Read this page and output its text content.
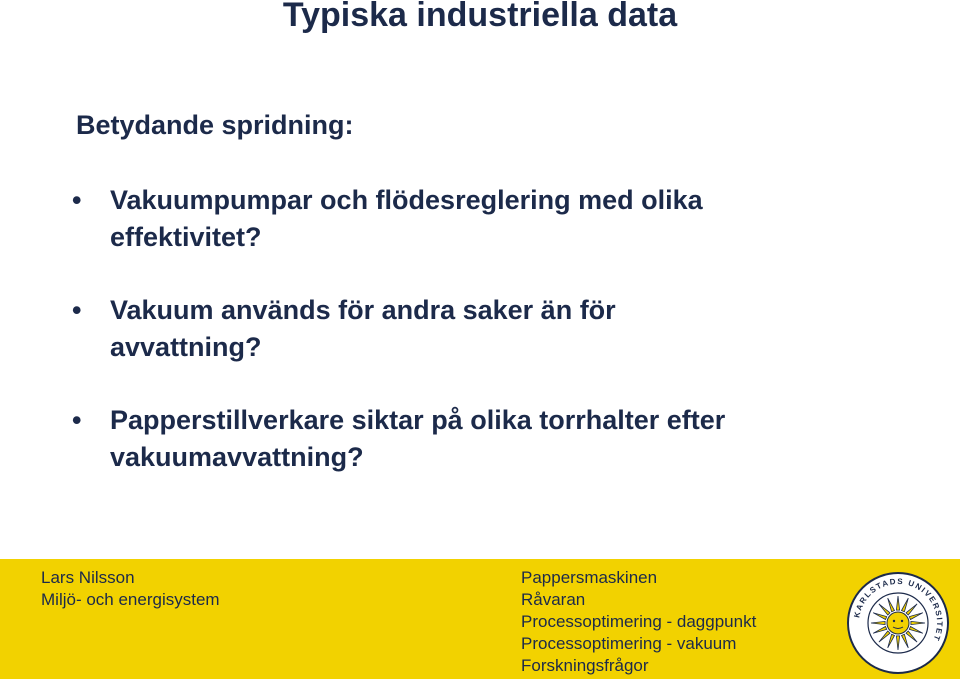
Typiska industriella data
Betydande spridning:
• Vakuumpumpar och flödesreglering med olika
effektivitet?
• Vakuum används för andra saker än för
avvattning?
• Papperstillverkare siktar på olika torrhalter efter
vakuumavvattning?
Lars Nilsson
Miljö- och energisystem
Pappersmaskinen
Råvaran
Processoptimering - daggpunkt
Processoptimering - vakuum
Forskningsfrågor
KARLSTADS UNIVERSITET
